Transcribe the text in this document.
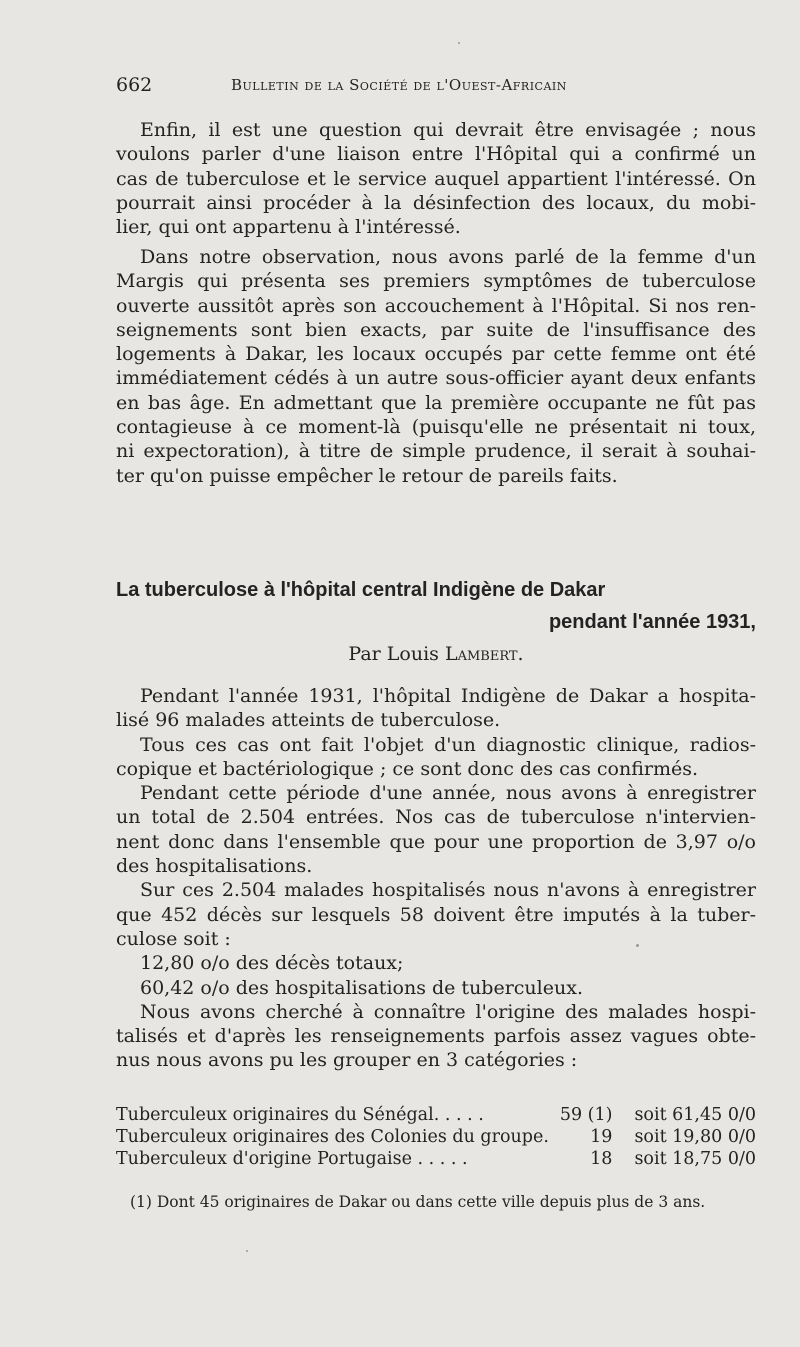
662	Bulletin de la Société de l'Ouest-Africain
Enfin, il est une question qui devrait être envisagée ; nous
voulons parler d'une liaison entre l'Hôpital qui a confirmé un
cas de tuberculose et le service auquel appartient l'intéressé. On
pourrait ainsi procéder à la désinfection des locaux, du mobi-
lier, qui ont appartenu à l'intéressé.
Dans notre observation, nous avons parlé de la femme d'un
Margis qui présenta ses premiers symptômes de tuberculose
ouverte aussitôt après son accouchement à l'Hôpital. Si nos ren-
seignements sont bien exacts, par suite de l'insuffisance des
logements à Dakar, les locaux occupés par cette femme ont été
immédiatement cédés à un autre sous-officier ayant deux enfants
en bas âge. En admettant que la première occupante ne fût pas
contagieuse à ce moment-là (puisqu'elle ne présentait ni toux,
ni expectoration), à titre de simple prudence, il serait à souhai-
ter qu'on puisse empêcher le retour de pareils faits.
La tuberculose à l'hôpital central Indigène de Dakar
pendant l'année 1931,
Par Louis Lambert.
Pendant l'année 1931, l'hôpital Indigène de Dakar a hospita-
lisé 96 malades atteints de tuberculose.
Tous ces cas ont fait l'objet d'un diagnostic clinique, radios-
copique et bactériologique ; ce sont donc des cas confirmés.
Pendant cette période d'une année, nous avons à enregistrer
un total de 2.504 entrées. Nos cas de tuberculose n'intervien-
nent donc dans l'ensemble que pour une proportion de 3,97 o/o
des hospitalisations.
Sur ces 2.504 malades hospitalisés nous n'avons à enregistrer
que 452 décès sur lesquels 58 doivent être imputés à la tuber-
culose soit :
12,80 o/o des décès totaux;
60,42 o/o des hospitalisations de tuberculeux.
Nous avons cherché à connaître l'origine des malades hospi-
talisés et d'après les renseignements parfois assez vagues obte-
nus nous avons pu les grouper en 3 catégories :
Tuberculeux originaires du Sénégal. . . . .	59 (1)	soit 61,45 0/0
Tuberculeux originaires des Colonies du groupe.	19	soit 19,80 0/0
Tuberculeux d'origine Portugaise . . . . .	18	soit 18,75 0/0
(1) Dont 45 originaires de Dakar ou dans cette ville depuis plus de 3 ans.
